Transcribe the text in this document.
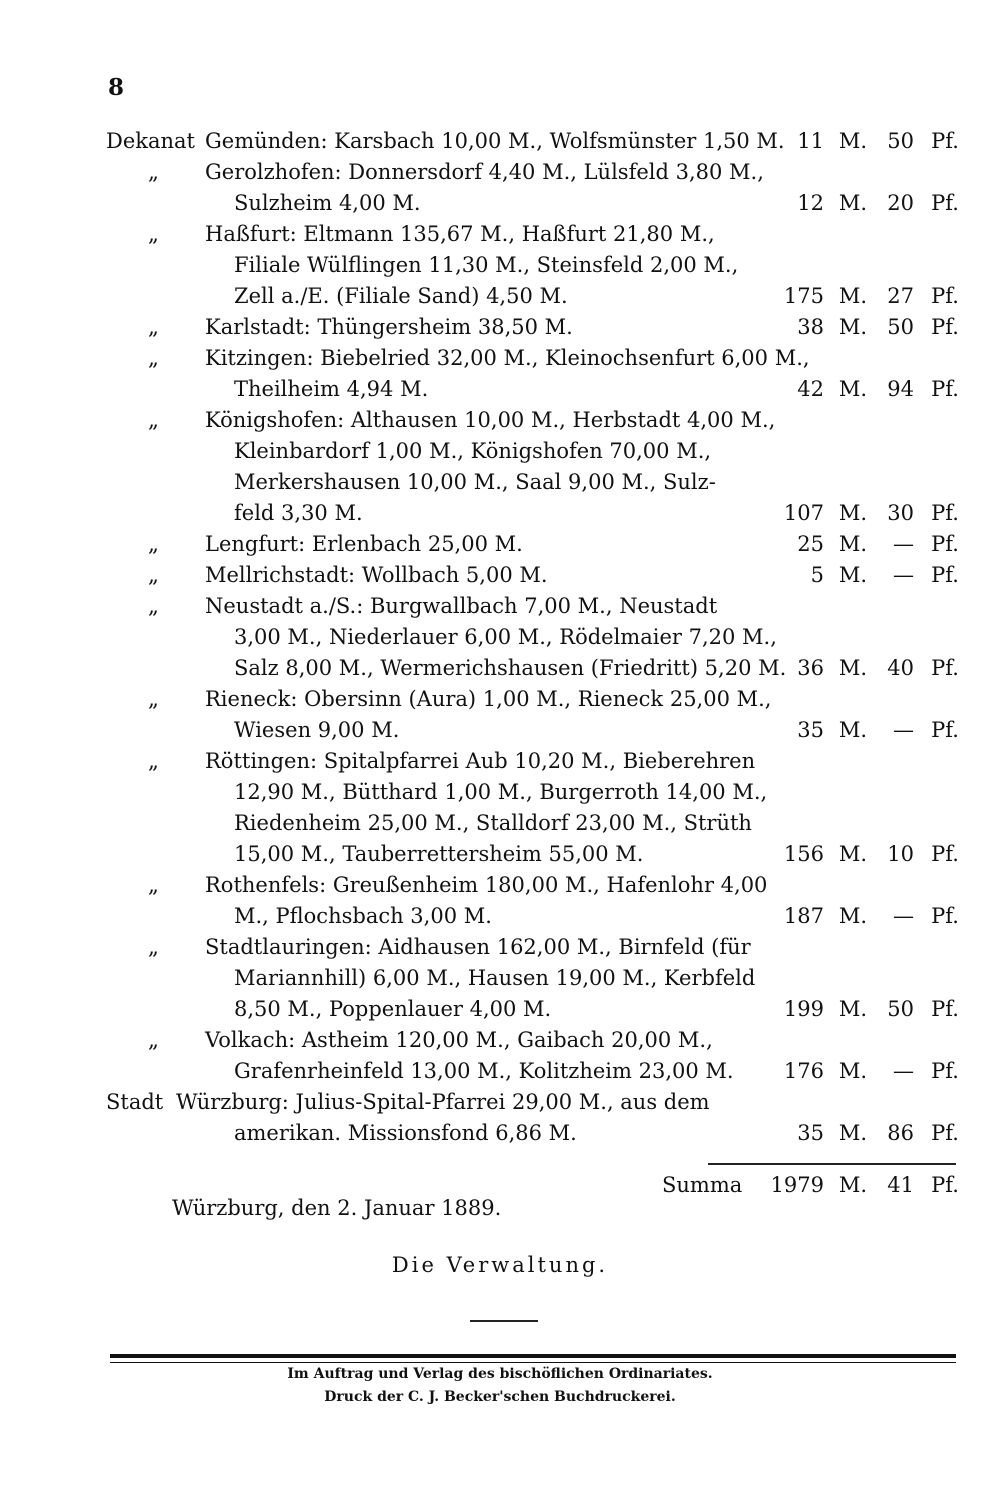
8
Dekanat Gemünden: Karsbach 10,00 M., Wolfsmünster 1,50 M. 11 M. 50 Pf.
„ Gerolzhofen: Donnersdorf 4,40 M., Lülsfeld 3,80 M.,
Sulzheim 4,00 M.	12 M. 20 Pf.
„ Haßfurt: Eltmann 135,67 M., Haßfurt 21,80 M.,
Filiale Wülflingen 11,30 M., Steinsfeld 2,00 M.,
Zell a./E. (Filiale Sand) 4,50 M.	175 M. 27 Pf.
„ Karlstadt: Thüngersheim 38,50 M.	38 M. 50 Pf.
„ Kitzingen: Biebelried 32,00 M., Kleinochsenfurt 6,00 M.,
Theilheim 4,94 M.	42 M. 94 Pf.
„ Königshofen: Althausen 10,00 M., Herbstadt 4,00 M.,
Kleinbardorf 1,00 M., Königshofen 70,00 M.,
Merkershausen 10,00 M., Saal 9,00 M., Sulz-
feld 3,30 M.	107 M. 30 Pf.
„ Lengfurt: Erlenbach 25,00 M.	25 M. — Pf.
„ Mellrichstadt: Wollbach 5,00 M.	5 M. — Pf.
„ Neustadt a./S.: Burgwallbach 7,00 M., Neustadt
3,00 M., Niederlauer 6,00 M., Rödelmaier 7,20 M.,
Salz 8,00 M., Wermerichshausen (Friedritt) 5,20 M. 36 M. 40 Pf.
„ Rieneck: Obersinn (Aura) 1,00 M., Rieneck 25,00 M.,
Wiesen 9,00 M.	35 M. — Pf.
„ Röttingen: Spitalpfarrei Aub 10,20 M., Bieberehren
12,90 M., Bütthard 1,00 M., Burgerroth 14,00 M.,
Riedenheim 25,00 M., Stalldorf 23,00 M., Strüth
15,00 M., Tauberrettersheim 55,00 M.	156 M. 10 Pf.
„ Rothenfels: Greußenheim 180,00 M., Hafenlohr 4,00
M., Pflochsbach 3,00 M.	187 M. — Pf.
„ Stadtlauringen: Aidhausen 162,00 M., Birnfeld (für
Mariannhill) 6,00 M., Hausen 19,00 M., Kerbfeld
8,50 M., Poppenlauer 4,00 M.	199 M. 50 Pf.
„ Volkach: Astheim 120,00 M., Gaibach 20,00 M.,
Grafenrheinfeld 13,00 M., Kolitzheim 23,00 M. 176 M. — Pf.
Stadt Würzburg: Julius-Spital-Pfarrei 29,00 M., aus dem
amerikan. Missionsfond 6,86 M.	35 M. 86 Pf.
Summa 1979 M. 41 Pf.
Würzburg, den 2. Januar 1889.
Die Verwaltung.
Im Auftrag und Verlag des bischöflichen Ordinariates.
Druck der C. J. Becker'schen Buchdruckerei.
